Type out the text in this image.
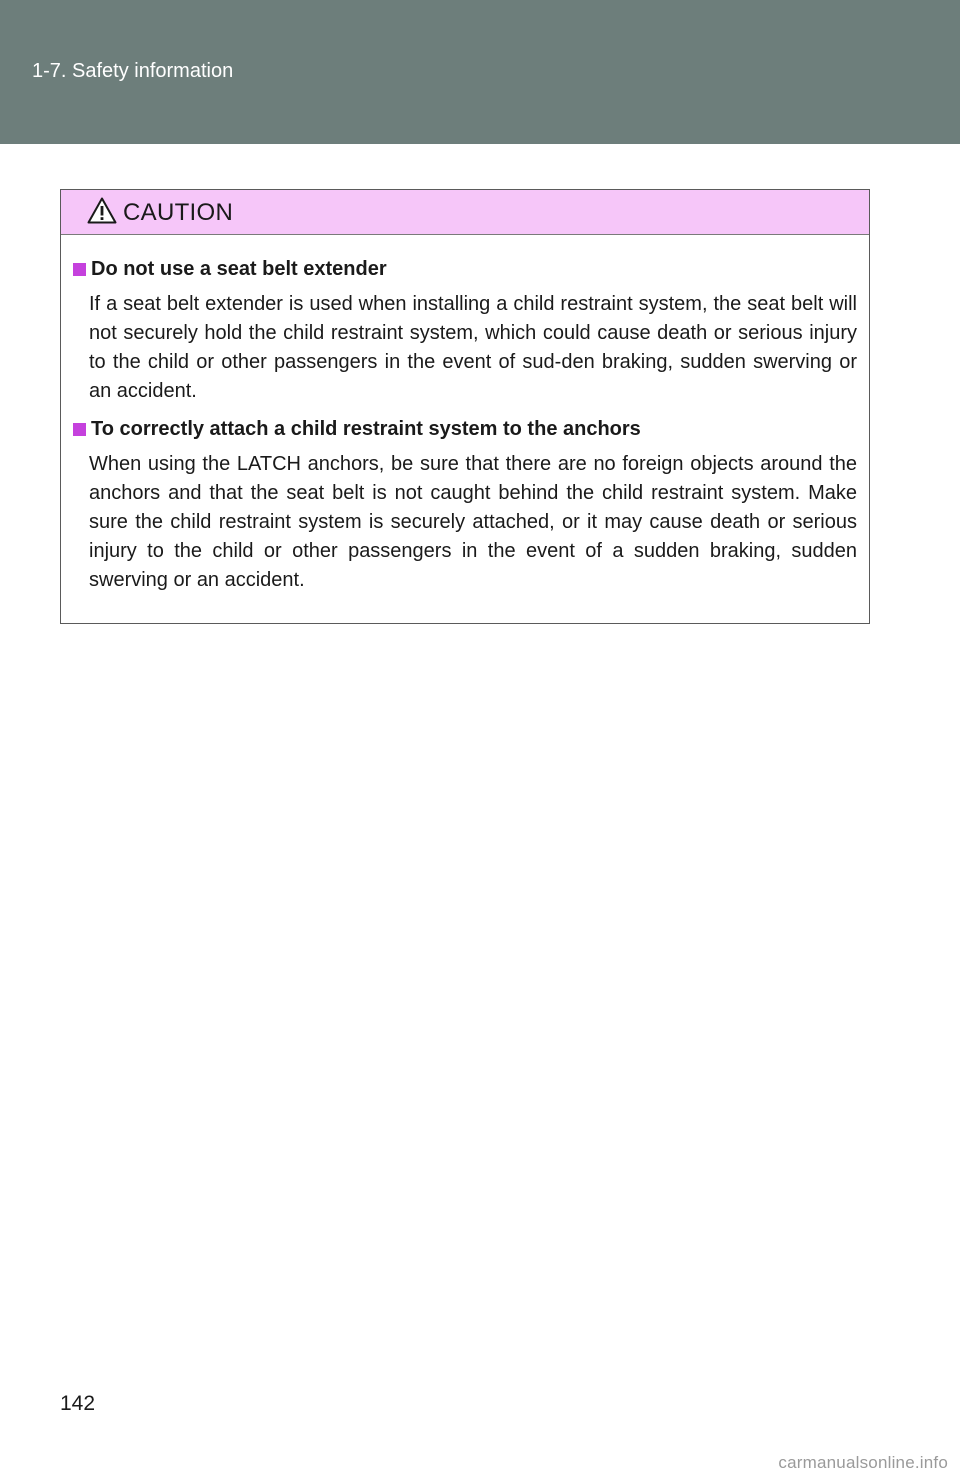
1-7. Safety information
CAUTION
Do not use a seat belt extender

If a seat belt extender is used when installing a child restraint system, the seat belt will not securely hold the child restraint system, which could cause death or serious injury to the child or other passengers in the event of sud-den braking, sudden swerving or an accident.

To correctly attach a child restraint system to the anchors

When using the LATCH anchors, be sure that there are no foreign objects around the anchors and that the seat belt is not caught behind the child restraint system. Make sure the child restraint system is securely attached, or it may cause death or serious injury to the child or other passengers in the event of a sudden braking, sudden swerving or an accident.

142
carmanualsonline.info
